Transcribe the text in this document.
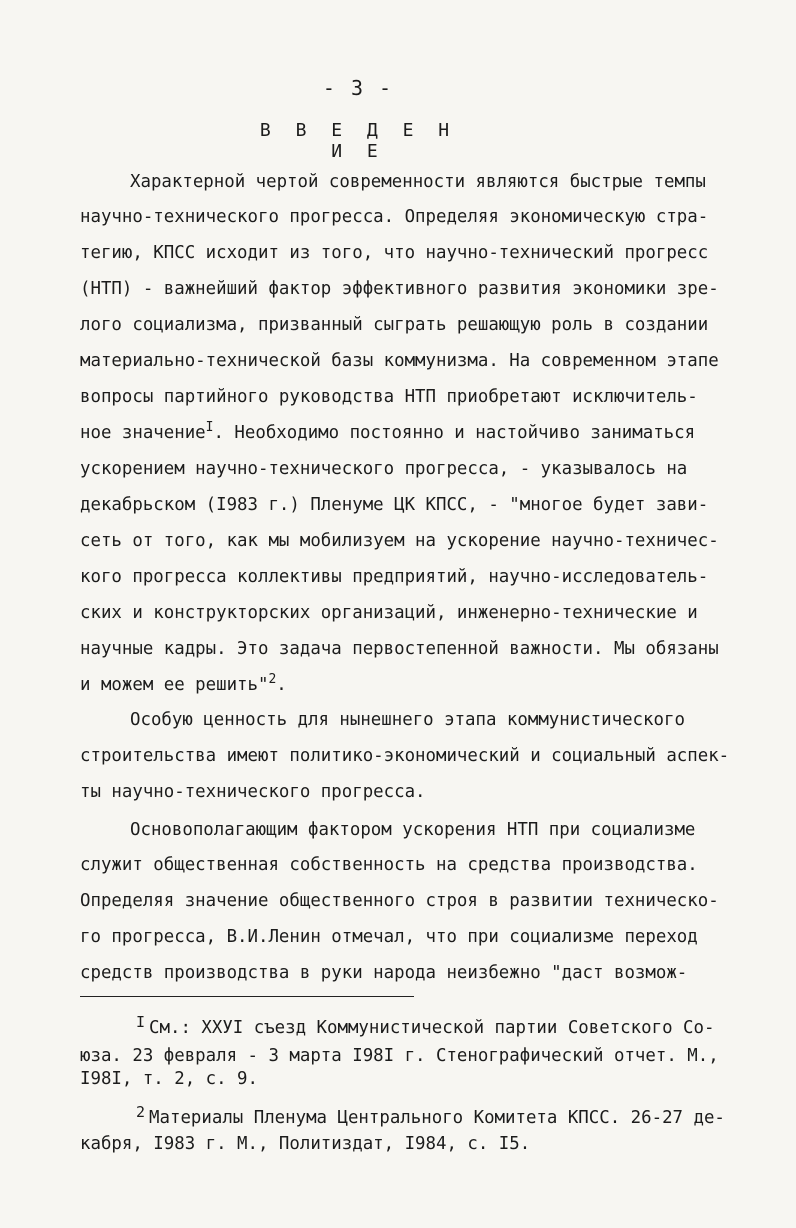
- 3 -
В В Е Д Е Н И Е
Характерной чертой современности являются быстрые темпы
научно-технического прогресса. Определяя экономическую стра-
тегию, КПСС исходит из того, что научно-технический прогресс
(НТП) - важнейший фактор эффективного развития экономики зре-
лого социализма, призванный сыграть решающую роль в создании
материально-технической базы коммунизма. На современном этапе
вопросы партийного руководства НТП приобретают исключитель-
ное значение$^I$. Необходимо постоянно и настойчиво заниматься
ускорением научно-технического прогресса, - указывалось на
декабрьском (I983 г.) Пленуме ЦК КПСС, - "многое будет зави-
сеть от того, как мы мобилизуем на ускорение научно-техничес-
кого прогресса коллективы предприятий, научно-исследователь-
ских и конструкторских организаций, инженерно-технические и
научные кадры. Это задача первостепенной важности. Мы обязаны
и можем ее решить"$^2$.
Особую ценность для нынешнего этапа коммунистического
строительства имеют политико-экономический и социальный аспек-
ты научно-технического прогресса.
Основополагающим фактором ускорения НТП при социализме
служит общественная собственность на средства производства.
Определяя значение общественного строя в развитии техническо-
го прогресса, В.И.Ленин отмечал, что при социализме переход
средств производства в руки народа неизбежно "даст возмож-
I См.: ХХУI съезд Коммунистической партии Советского Со-
юза. 23 февраля - 3 марта I98I г. Стенографический отчет. М.,
I98I, т. 2, с. 9.
2 Материалы Пленума Центрального Комитета КПСС. 26-27 де-
кабря, I983 г. М., Политиздат, I984, с. I5.
